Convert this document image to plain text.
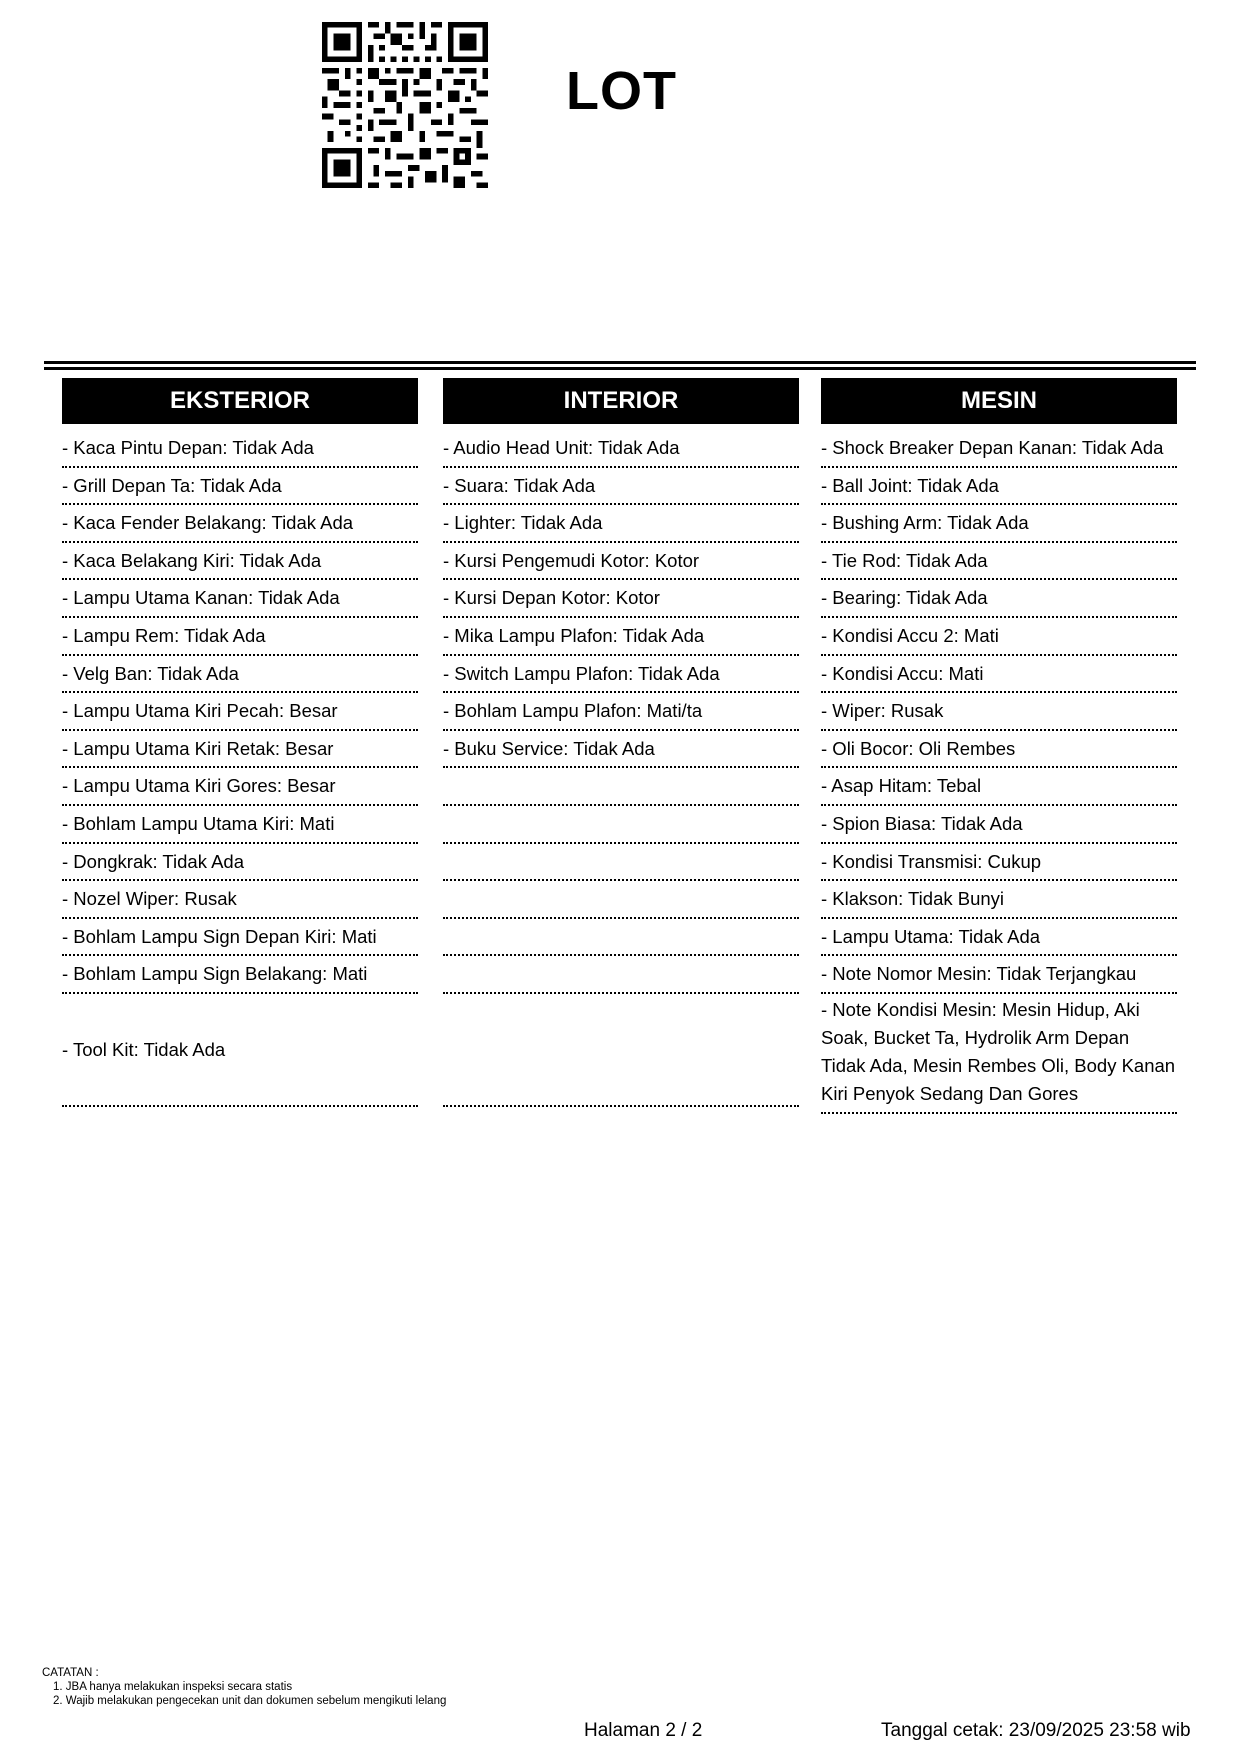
LOT
EKSTERIOR
- Kaca Pintu Depan: Tidak Ada
- Grill Depan Ta: Tidak Ada
- Kaca Fender Belakang: Tidak Ada
- Kaca Belakang Kiri: Tidak Ada
- Lampu Utama Kanan: Tidak Ada
- Lampu Rem: Tidak Ada
- Velg Ban: Tidak Ada
- Lampu Utama Kiri Pecah: Besar
- Lampu Utama Kiri Retak: Besar
- Lampu Utama Kiri Gores: Besar
- Bohlam Lampu Utama Kiri: Mati
- Dongkrak: Tidak Ada
- Nozel Wiper: Rusak
- Bohlam Lampu Sign Depan Kiri: Mati
- Bohlam Lampu Sign Belakang: Mati
- Tool Kit: Tidak Ada
INTERIOR
- Audio Head Unit: Tidak Ada
- Suara: Tidak Ada
- Lighter: Tidak Ada
- Kursi Pengemudi Kotor: Kotor
- Kursi Depan Kotor: Kotor
- Mika Lampu Plafon: Tidak Ada
- Switch Lampu Plafon: Tidak Ada
- Bohlam Lampu Plafon: Mati/ta
- Buku Service: Tidak Ada
MESIN
- Shock Breaker Depan Kanan: Tidak Ada
- Ball Joint: Tidak Ada
- Bushing Arm: Tidak Ada
- Tie Rod: Tidak Ada
- Bearing: Tidak Ada
- Kondisi Accu 2: Mati
- Kondisi Accu: Mati
- Wiper: Rusak
- Oli Bocor: Oli Rembes
- Asap Hitam: Tebal
- Spion Biasa: Tidak Ada
- Kondisi Transmisi: Cukup
- Klakson: Tidak Bunyi
- Lampu Utama: Tidak Ada
- Note Nomor Mesin: Tidak Terjangkau
- Note Kondisi Mesin: Mesin Hidup, Aki Soak, Bucket Ta, Hydrolik Arm Depan Tidak Ada, Mesin Rembes Oli, Body Kanan Kiri Penyok Sedang Dan Gores
CATATAN :
1. JBA hanya melakukan inspeksi secara statis
2. Wajib melakukan pengecekan unit dan dokumen sebelum mengikuti lelang
Halaman 2 / 2	Tanggal cetak: 23/09/2025 23:58 wib
